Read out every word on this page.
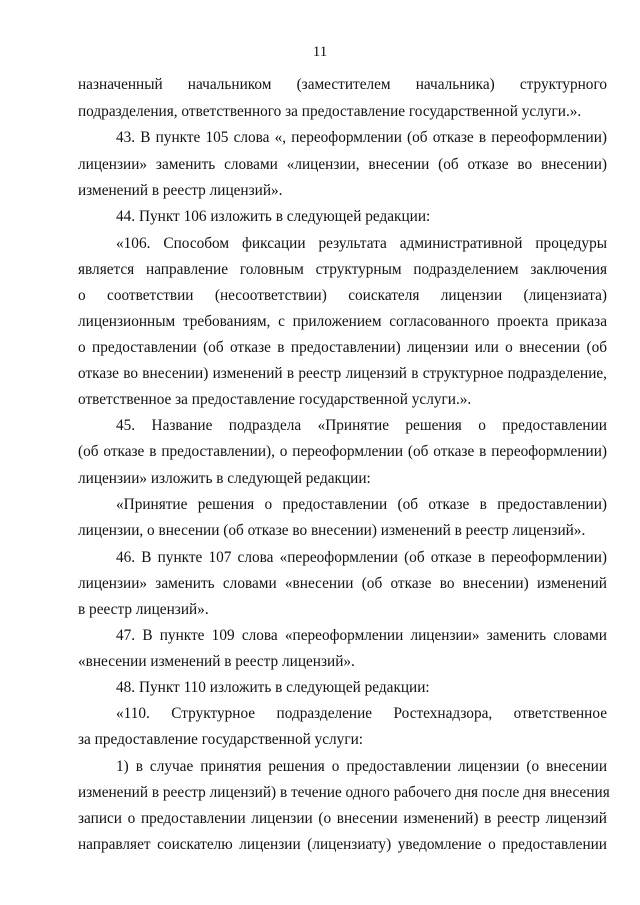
11
назначенный начальником (заместителем начальника) структурного
подразделения, ответственного за предоставление государственной услуги.».
43. В пункте 105 слова «, переоформлении (об отказе в переоформлении)
лицензии» заменить словами «лицензии, внесении (об отказе во внесении)
изменений в реестр лицензий».
44. Пункт 106 изложить в следующей редакции:
«106. Способом фиксации результата административной процедуры
является направление головным структурным подразделением заключения
о соответствии (несоответствии) соискателя лицензии (лицензиата)
лицензионным требованиям, с приложением согласованного проекта приказа
о предоставлении (об отказе в предоставлении) лицензии или о внесении (об
отказе во внесении) изменений в реестр лицензий в структурное подразделение,
ответственное за предоставление государственной услуги.».
45. Название подраздела «Принятие решения о предоставлении
(об отказе в предоставлении), о переоформлении (об отказе в переоформлении)
лицензии» изложить в следующей редакции:
«Принятие решения о предоставлении (об отказе в предоставлении)
лицензии, о внесении (об отказе во внесении) изменений в реестр лицензий».
46. В пункте 107 слова «переоформлении (об отказе в переоформлении)
лицензии» заменить словами «внесении (об отказе во внесении) изменений
в реестр лицензий».
47. В пункте 109 слова «переоформлении лицензии» заменить словами
«внесении изменений в реестр лицензий».
48. Пункт 110 изложить в следующей редакции:
«110. Структурное подразделение Ростехнадзора, ответственное
за предоставление государственной услуги:
1) в случае принятия решения о предоставлении лицензии (о внесении
изменений в реестр лицензий) в течение одного рабочего дня после дня внесения
записи о предоставлении лицензии (о внесении изменений) в реестр лицензий
направляет соискателю лицензии (лицензиату) уведомление о предоставлении
